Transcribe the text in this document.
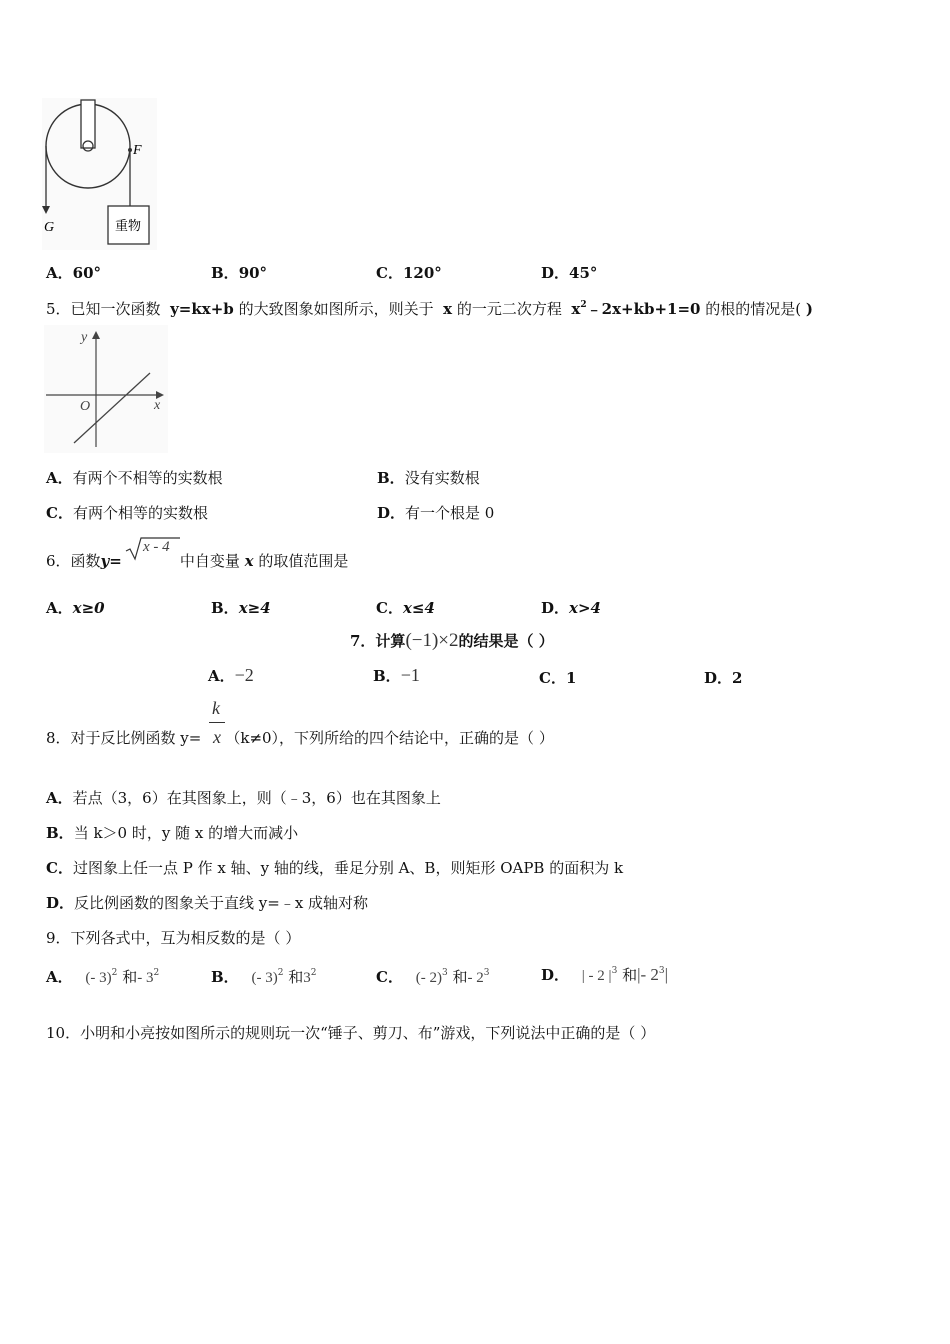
重物
F
G
A．60°	B．90°	C．120°	D．45°
5．已知一次函数 y=kx+b 的大致图象如图所示，则关于 x 的一元二次方程 $x^2﹣2x+kb+1=0$ 的根的情况是( )
y
x
O
A．有两个不相等的实数根	B．没有实数根
C．有两个相等的实数根	D．有一个根是 0
6．函数y=	中自变量 x 的取值范围是
x - 4
A．x≥0	B．x≥4	C．x≤4	D．x>4
7．计算(−1)×2的结果是（ ）
A．−2	B．−1	C．1	D．2
8．对于反比例函数 y= （k≠0），下列所给的四个结论中，正确的是（ ）
k
x
A．若点（3，6）在其图象上，则（﹣3，6）也在其图象上
B．当 k＞0 时，y 随 x 的增大而减小
C．过图象上任一点 P 作 x 轴、y 轴的线，垂足分别 A、B，则矩形 OAPB 的面积为 k
D．反比例函数的图象关于直线 y=﹣x 成轴对称
9．下列各式中，互为相反数的是（ ）
A． (- 3)$^2$ 和- $3^2$	B． (- 3)$^2$ 和$3^2$	C． (- 2)$^3$ 和- $2^3$	D． | - 2 $|^3$ 和|- $2^3|$
10．小明和小亮按如图所示的规则玩一次“锤子、剪刀、布”游戏，下列说法中正确的是（ ）
